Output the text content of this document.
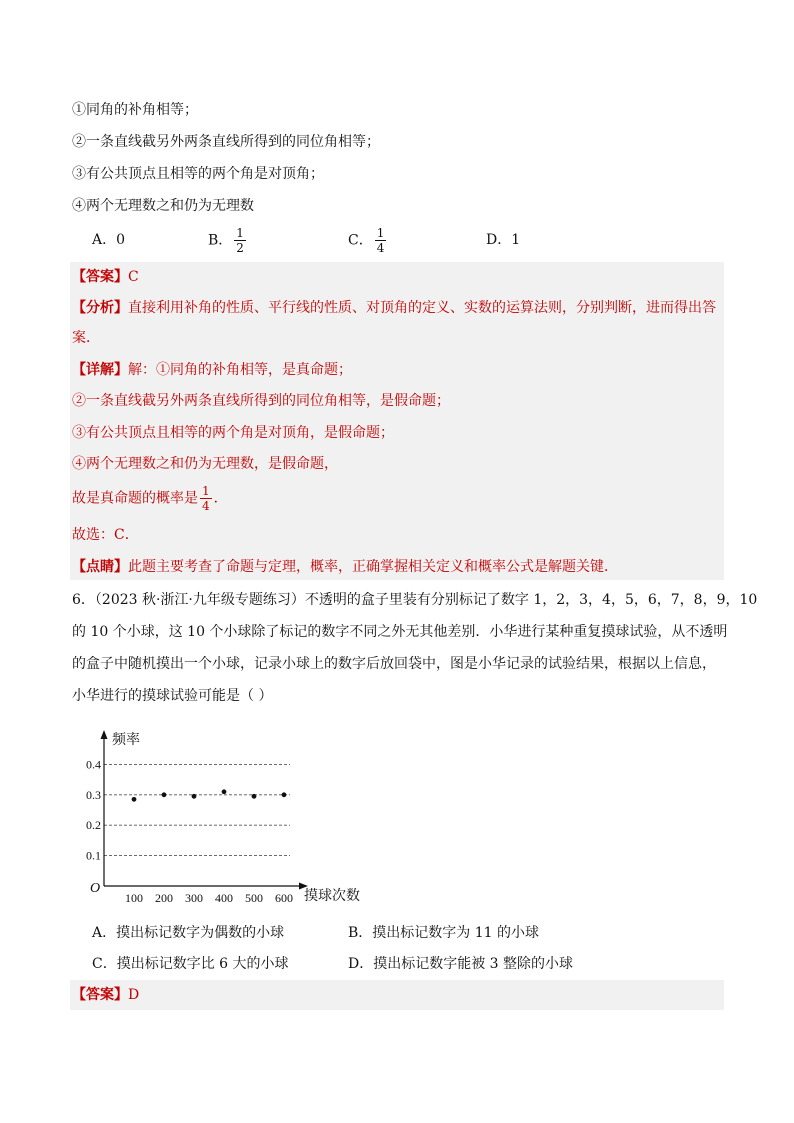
①同角的补角相等；
②一条直线截另外两条直线所得到的同位角相等；
③有公共顶点且相等的两个角是对顶角；
④两个无理数之和仍为无理数
A．0	B． $\frac{1}{2}$	C． $\frac{1}{4}$	D．1
【答案】C
【分析】直接利用补角的性质、平行线的性质、对顶角的定义、实数的运算法则，分别判断，进而得出答
案．
【详解】解：①同角的补角相等，是真命题；
②一条直线截另外两条直线所得到的同位角相等，是假命题；
③有公共顶点且相等的两个角是对顶角，是假命题；
④两个无理数之和仍为无理数，是假命题，
故是真命题的概率是 $\frac{1}{4}$ ．
故选：C．
【点睛】此题主要考查了命题与定理，概率，正确掌握相关定义和概率公式是解题关键．
6．（2023 秋·浙江·九年级专题练习）不透明的盒子里装有分别标记了数字 1，2，3，4，5，6，7，8，9，10
的 10 个小球，这 10 个小球除了标记的数字不同之外无其他差别．小华进行某种重复摸球试验，从不透明
的盒子中随机摸出一个小球，记录小球上的数字后放回袋中，图是小华记录的试验结果，根据以上信息，
小华进行的摸球试验可能是（ ）
频率
摸球次数
O
0.1
0.2
0.3
0.4
100 200 300 400 500 600
A．摸出标记数字为偶数的小球	B．摸出标记数字为 11 的小球
C．摸出标记数字比 6 大的小球	D．摸出标记数字能被 3 整除的小球
【答案】D
